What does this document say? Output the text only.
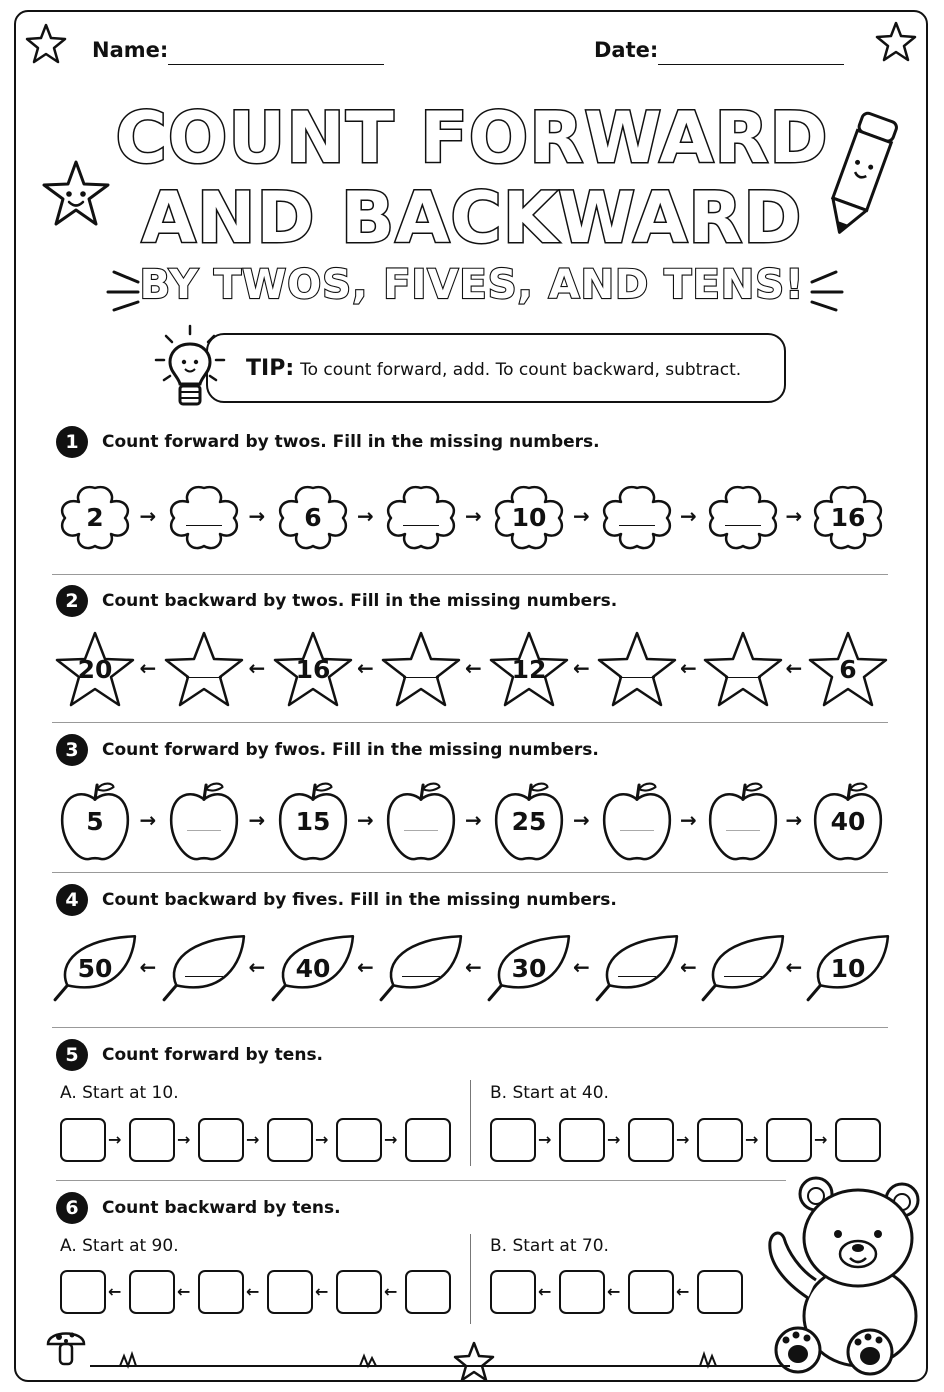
Name:	Date:
COUNT FORWARD
AND BACKWARD
BY TWOS, FIVES, AND TENS!
TIP: To count forward, add. To count backward, subtract.
1	Count forward by twos. Fill in the missing numbers.
2	Count backward by twos. Fill in the missing numbers.
3	Count forward by fwos. Fill in the missing numbers.
4	Count backward by fives. Fill in the missing numbers.
2	→	→	6	→	→	10	→	→	→	16
20	←	←	16	←	←	12	←	←	←	6
5	→	→	15	→	→	25	→	→	→	40
50	←	←	40	←	←	30	←	←	←	10
5	Count forward by tens.
A. Start at 10.	B. Start at 40.
6	Count backward by tens.
A. Start at 90.	B. Start at 70.
→	→	→	→	→	→	→	→	→	→
←	←	←	←	←	←	←	←
